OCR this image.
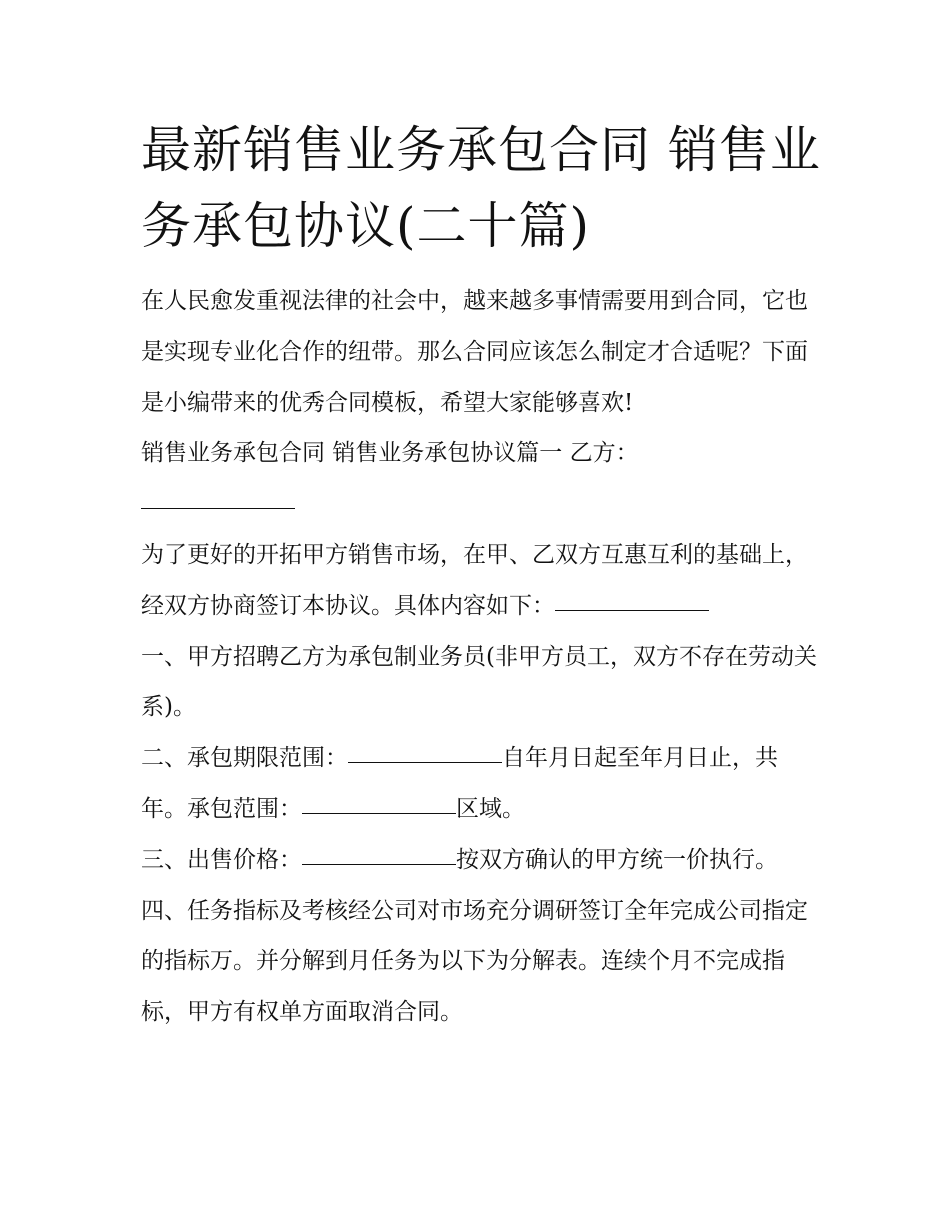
最新销售业务承包合同 销售业务承包协议(二十篇)

在人民愈发重视法律的社会中，越来越多事情需要用到合同，它也是实现专业化合作的纽带。那么合同应该怎么制定才合适呢？下面是小编带来的优秀合同模板，希望大家能够喜欢!

销售业务承包合同 销售业务承包协议篇一 乙方：

为了更好的开拓甲方销售市场，在甲、乙双方互惠互利的基础上，经双方协商签订本协议。具体内容如下：

一、甲方招聘乙方为承包制业务员(非甲方员工，双方不存在劳动关系)。

二、承包期限范围：	自年月日起至年月日止，共年。承包范围：	区域。

三、出售价格：	按双方确认的甲方统一价执行。

四、任务指标及考核经公司对市场充分调研签订全年完成公司指定的指标万。并分解到月任务为以下为分解表。连续个月不完成指标，甲方有权单方面取消合同。
